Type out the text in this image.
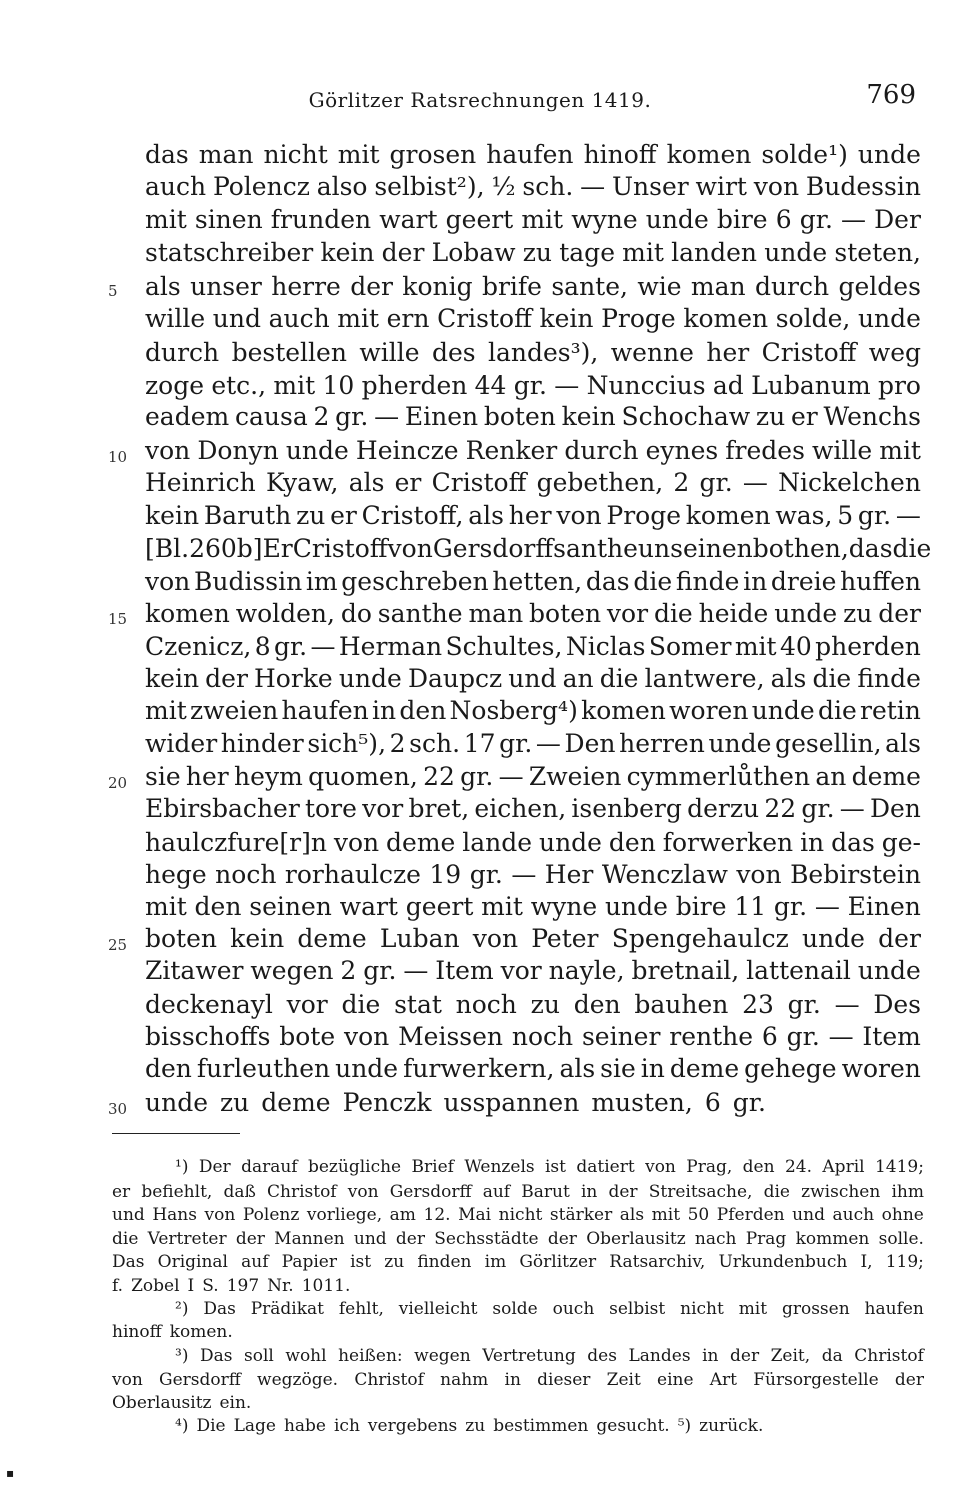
Görlitzer Ratsrechnungen 1419.	769
das man nicht mit grosen haufen hinoff komen solde¹) unde
auch Polencz also selbist²), ½ sch. — Unser wirt von Budessin
mit sinen frunden wart geert mit wyne unde bire 6 gr. — Der
statschreiber kein der Lobaw zu tage mit landen unde steten,
als unser herre der konig brife sante, wie man durch geldes
wille und auch mit ern Cristoff kein Proge komen solde, unde
durch bestellen wille des landes³), wenne her Cristoff weg
zoge etc., mit 10 pherden 44 gr. — Nunccius ad Lubanum pro
eadem causa 2 gr. — Einen boten kein Schochaw zu er Wenchs
von Donyn unde Heincze Renker durch eynes fredes wille mit
Heinrich Kyaw, als er Cristoff gebethen, 2 gr. — Nickelchen
kein Baruth zu er Cristoff, als her von Proge komen was, 5 gr. —
[Bl. 260b] Er Cristoff von Gersdorff santhe uns einen bothen, das die
von Budissin im geschreben hetten, das die finde in dreie huffen
komen wolden, do santhe man boten vor die heide unde zu der
Czenicz, 8 gr. — Herman Schultes, Niclas Somer mit 40 pherden
kein der Horke unde Daupcz und an die lantwere, als die finde
mit zweien haufen in den Nosberg⁴) komen woren unde die retin
wider hinder sich⁵), 2 sch. 17 gr. — Den herren unde gesellin, als
sie her heym quomen, 22 gr. — Zweien cymmerlůthen an deme
Ebirsbacher tore vor bret, eichen, isenberg derzu 22 gr. — Den
haulczfure[r]n von deme lande unde den forwerken in das ge-
hege noch rorhaulcze 19 gr. — Her Wenczlaw von Bebirstein
mit den seinen wart geert mit wyne unde bire 11 gr. — Einen
boten kein deme Luban von Peter Spengehaulcz unde der
Zitawer wegen 2 gr. — Item vor nayle, bretnail, lattenail unde
deckenayl vor die stat noch zu den bauhen 23 gr. — Des
bisschoffs bote von Meissen noch seiner renthe 6 gr. — Item
den furleuthen unde furwerkern, als sie in deme gehege woren
unde zu deme Penczk usspannen musten, 6 gr.
5
10
15
20
25
30
¹) Der darauf bezügliche Brief Wenzels ist datiert von Prag, den 24. April 1419;
er befiehlt, daß Christof von Gersdorff auf Barut in der Streitsache, die zwischen ihm
und Hans von Polenz vorliege, am 12. Mai nicht stärker als mit 50 Pferden und auch ohne
die Vertreter der Mannen und der Sechsstädte der Oberlausitz nach Prag kommen solle.
Das Original auf Papier ist zu finden im Görlitzer Ratsarchiv, Urkundenbuch I, 119;
f. Zobel I S. 197 Nr. 1011.
²) Das Prädikat fehlt, vielleicht solde ouch selbist nicht mit grossen haufen
hinoff komen.
³) Das soll wohl heißen: wegen Vertretung des Landes in der Zeit, da Christof
von Gersdorff wegzöge. Christof nahm in dieser Zeit eine Art Fürsorgestelle der
Oberlausitz ein.
⁴) Die Lage habe ich vergebens zu bestimmen gesucht. ⁵) zurück.
▪
